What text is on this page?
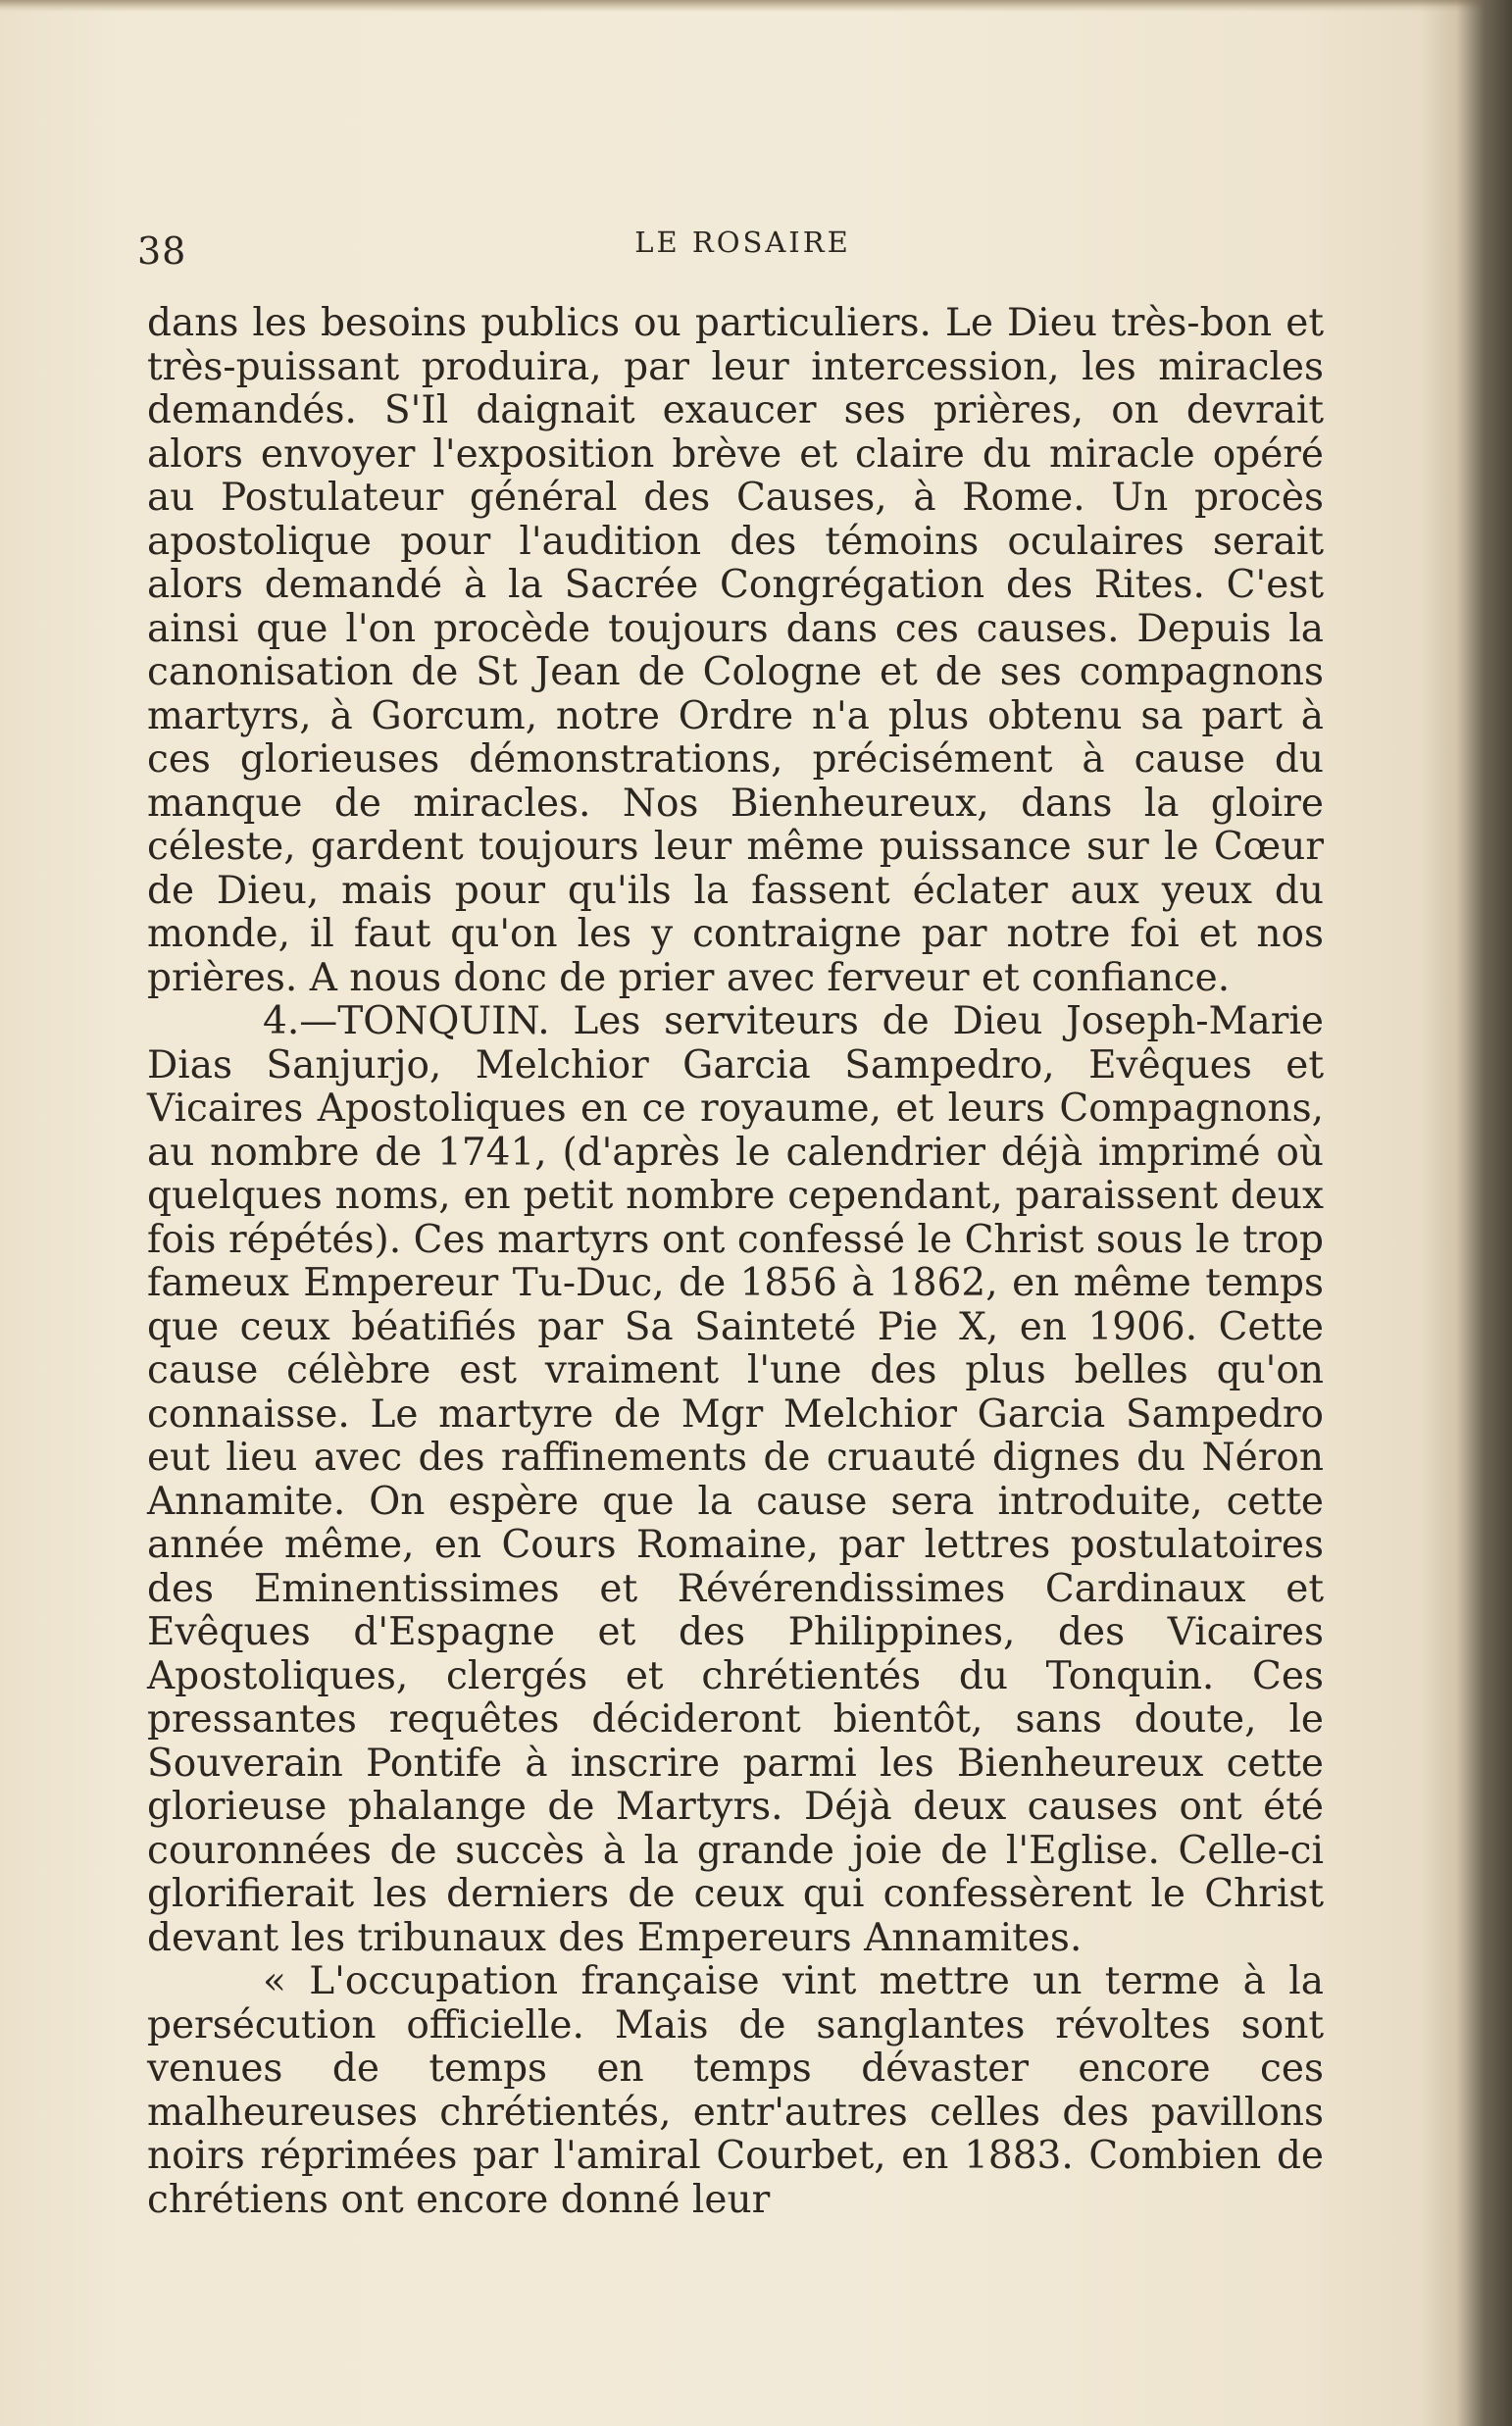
38	LE ROSAIRE

dans les besoins publics ou particuliers. Le Dieu très-bon et très-puissant produira, par leur intercession, les miracles demandés. S'Il daignait exaucer ses prières, on devrait alors envoyer l'exposition brève et claire du miracle opéré au Postulateur général des Causes, à Rome. Un procès apostolique pour l'audition des témoins oculaires serait alors demandé à la Sacrée Congrégation des Rites. C'est ainsi que l'on procède toujours dans ces causes. Depuis la canonisation de St Jean de Cologne et de ses compagnons martyrs, à Gorcum, notre Ordre n'a plus obtenu sa part à ces glorieuses démonstrations, précisément à cause du manque de miracles. Nos Bienheureux, dans la gloire céleste, gardent toujours leur même puissance sur le Cœur de Dieu, mais pour qu'ils la fassent éclater aux yeux du monde, il faut qu'on les y contraigne par notre foi et nos prières. A nous donc de prier avec ferveur et confiance.

4.—TONQUIN. Les serviteurs de Dieu Joseph-Marie Dias Sanjurjo, Melchior Garcia Sampedro, Evêques et Vicaires Apostoliques en ce royaume, et leurs Compagnons, au nombre de 1741, (d'après le calendrier déjà imprimé où quelques noms, en petit nombre cependant, paraissent deux fois répétés). Ces martyrs ont confessé le Christ sous le trop fameux Empereur Tu-Duc, de 1856 à 1862, en même temps que ceux béatifiés par Sa Sainteté Pie X, en 1906. Cette cause célèbre est vraiment l'une des plus belles qu'on connaisse. Le martyre de Mgr Melchior Garcia Sampedro eut lieu avec des raffinements de cruauté dignes du Néron Annamite. On espère que la cause sera introduite, cette année même, en Cours Romaine, par lettres postulatoires des Eminentissimes et Révérendissimes Cardinaux et Evêques d'Espagne et des Philippines, des Vicaires Apostoliques, clergés et chrétientés du Tonquin. Ces pressantes requêtes décideront bientôt, sans doute, le Souverain Pontife à inscrire parmi les Bienheureux cette glorieuse phalange de Martyrs. Déjà deux causes ont été couronnées de succès à la grande joie de l'Eglise. Celle-ci glorifierait les derniers de ceux qui confessèrent le Christ devant les tribunaux des Empereurs Annamites.

« L'occupation française vint mettre un terme à la persécution officielle. Mais de sanglantes révoltes sont venues de temps en temps dévaster encore ces malheureuses chrétientés, entr'autres celles des pavillons noirs réprimées par l'amiral Courbet, en 1883. Combien de chrétiens ont encore donné leur
